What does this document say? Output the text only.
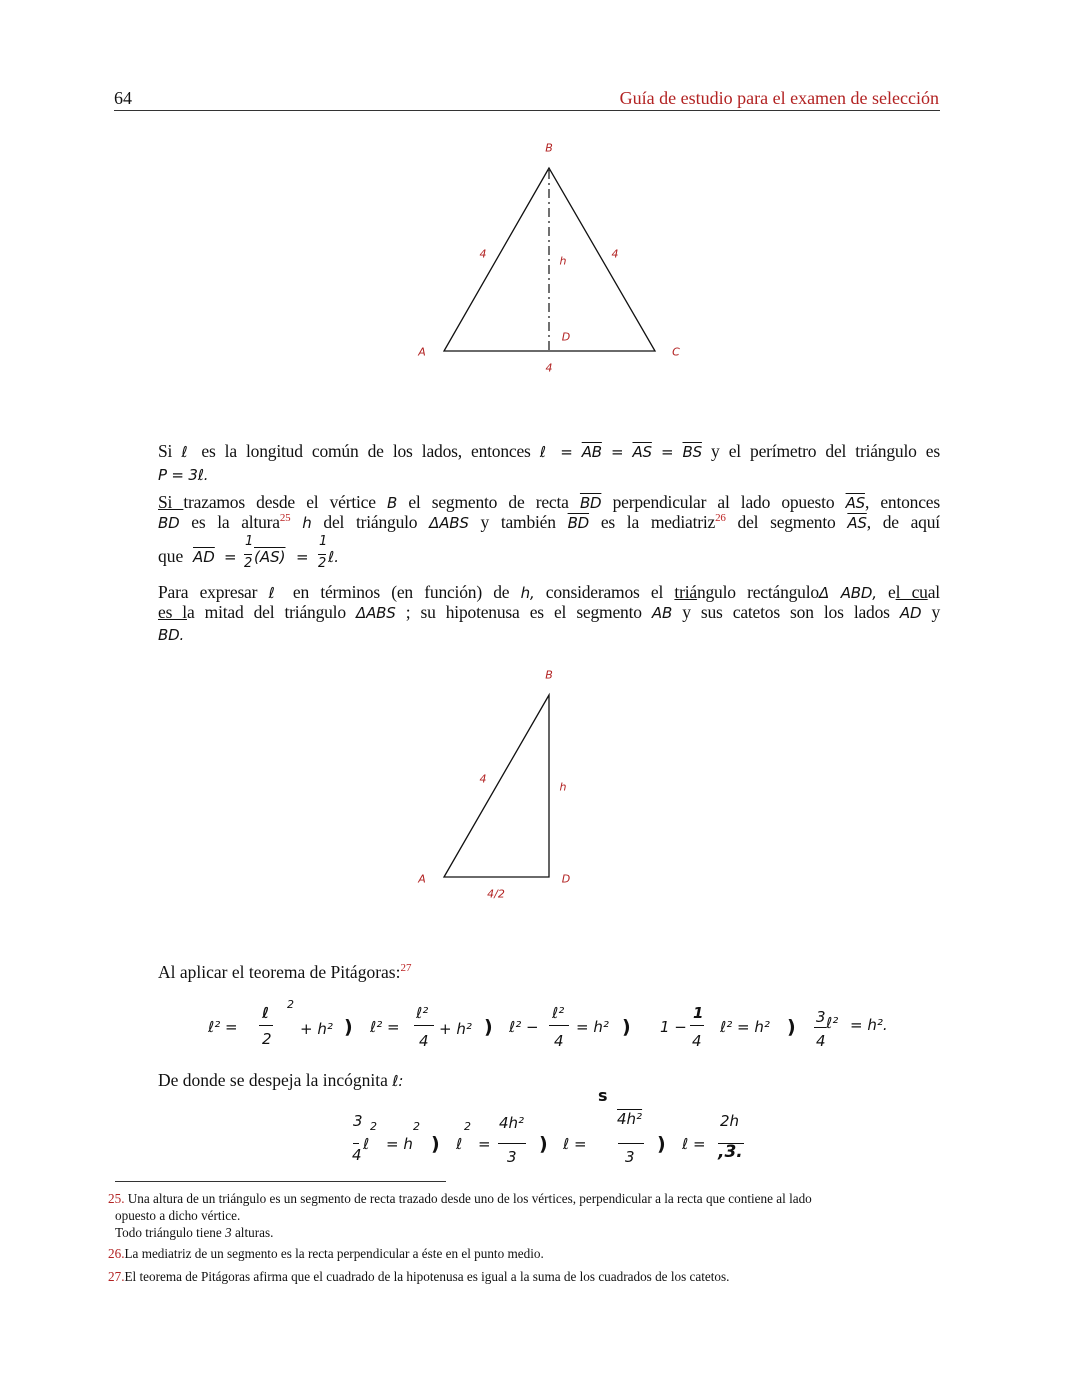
64	Guía de estudio para el examen de selección
B
A	C
D
h
4	4
4
Si ℓ es la longitud común de los lados, entonces ℓ = $\overline{AB} = \overline{AS} = \overline{BS}$ y el perímetro del triángulo es
P = 3ℓ.
Si trazamos desde el vértice B el segmento de recta $\overline{BD}$ perpendicular al lado opuesto $\overline{AS}$, entonces
BD es la altura$^{25}$ h del triángulo ΔABS y también $\overline{BD}$ es la mediatriz$^{26}$ del segmento $\overline{AS}$, de aquí
que $\overline{AD}$ =
1
2 (AS) =
1
2 ℓ.
Para expresar ℓ en términos (en función) de h, consideramos el triángulo rectánguloΔ ABD, el cual
es la mitad del triángulo ΔABS ; su hipotenusa es el segmento AB y sus catetos son los lados AD y
BD.
B
A	D
h
4
4/2
Al aplicar el teorema de Pitágoras:$^{27}$
ℓ² =
ℓ
2
2
+ h² ) ℓ² =
ℓ²
4
+ h² ) ℓ² −
ℓ²
4
= h² ) 1 −
1
4
ℓ² = h² ) 3
4
ℓ² = h².
De donde se despeja la incógnita ℓ:
3
4
2
ℓ = h
2
) ℓ
2
=
4h²
3
) ℓ =
s
4h²
3
) ℓ =
2h
,3.
25. Una altura de un triángulo es un segmento de recta trazado desde uno de los vértices, perpendicular a la recta que contiene al lado
opuesto a dicho vértice.
Todo triángulo tiene 3 alturas.
26.La mediatriz de un segmento es la recta perpendicular a éste en el punto medio.
27.El teorema de Pitágoras afirma que el cuadrado de la hipotenusa es igual a la suma de los cuadrados de los catetos.
